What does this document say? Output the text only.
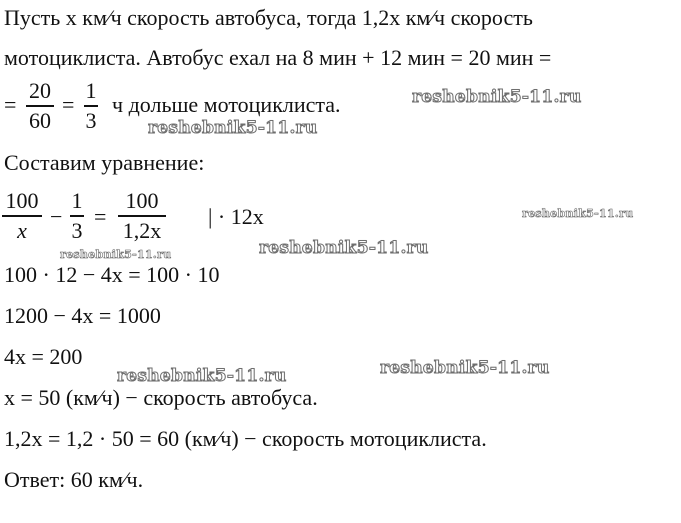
Пусть x км⁄ч скорость автобуса, тогда 1,2x км⁄ч скорость
мотоциклиста. Автобус ехал на 8 мин + 12 мин = 20 мин =
=
20
60
=
1
3
ч дольше мотоциклиста.
Составим уравнение:
100
x
−
1
3
=
100
1,2x
| · 12x
100 · 12 − 4x = 100 · 10
1200 − 4x = 1000
4x = 200
x = 50 (км⁄ч) − скорость автобуса.
1,2x = 1,2 · 50 = 60 (км⁄ч) − скорость мотоциклиста.
Ответ: 60 км⁄ч.
reshebnik5-11.ru
reshebnik5-11.ru
reshebnik5-11.ru
reshebnik5-11.ru
reshebnik5-11.ru
reshebnik5-11.ru
reshebnik5-11.ru
